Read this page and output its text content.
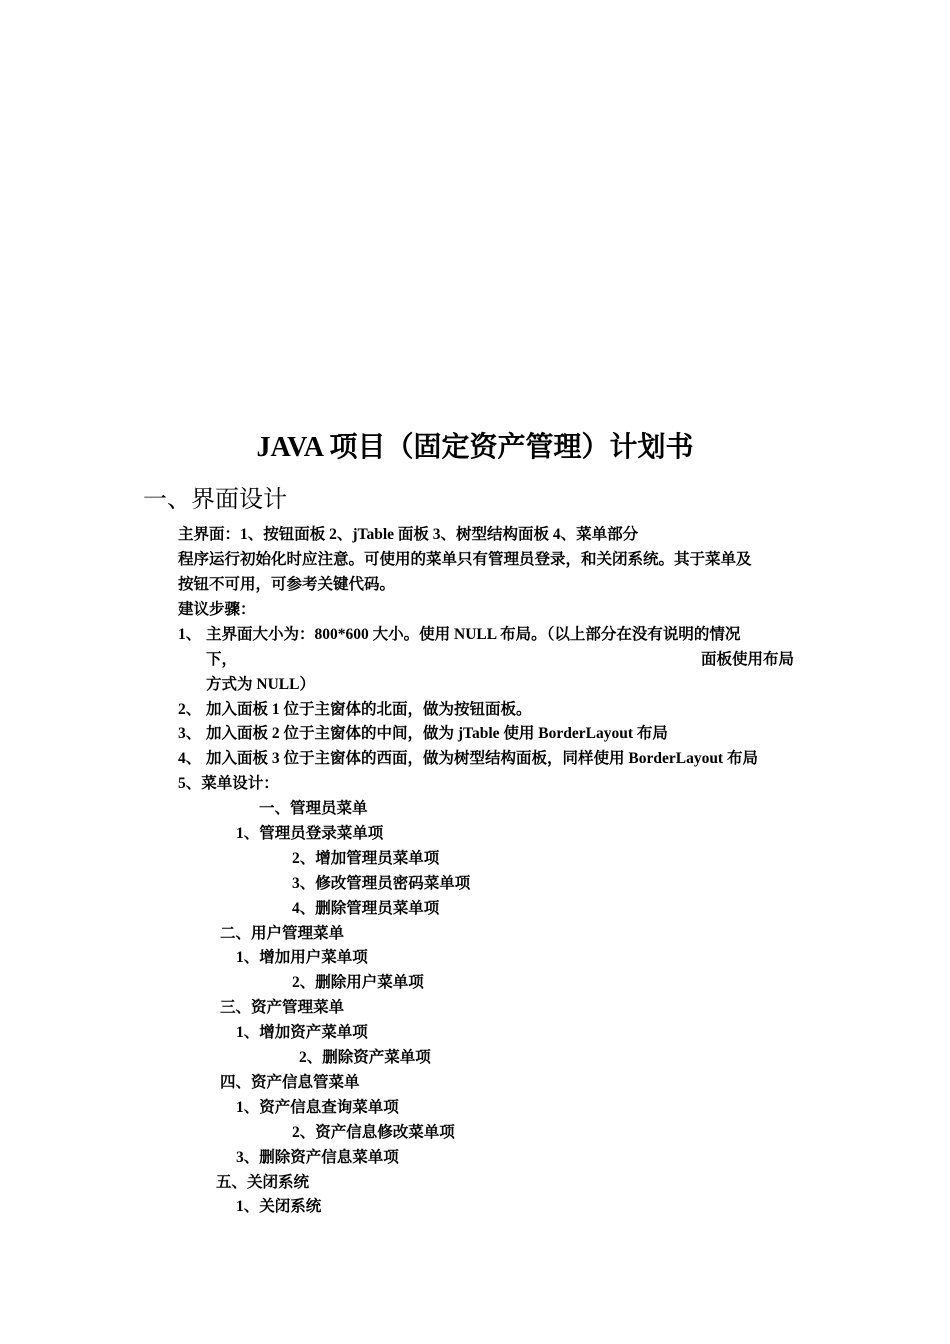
JAVA 项目（固定资产管理）计划书
一、界面设计
主界面：1、按钮面板 2、jTable 面板 3、树型结构面板 4、菜单部分
程序运行初始化时应注意。可使用的菜单只有管理员登录，和关闭系统。其于菜单及
按钮不可用，可参考关键代码。
建议步骤：
1、 主界面大小为：800*600 大小。使用 NULL 布局。（以上部分在没有说明的情况
下，	面板使用布局
方式为 NULL）
2、 加入面板 1 位于主窗体的北面，做为按钮面板。
3、 加入面板 2 位于主窗体的中间，做为 jTable 使用 BorderLayout 布局
4、 加入面板 3 位于主窗体的西面，做为树型结构面板，同样使用 BorderLayout 布局
5、菜单设计：
一、管理员菜单
1、管理员登录菜单项
2、增加管理员菜单项
3、修改管理员密码菜单项
4、删除管理员菜单项
二、用户管理菜单
1、增加用户菜单项
2、删除用户菜单项
三、资产管理菜单
1、增加资产菜单项
2、删除资产菜单项
四、资产信息管菜单
1、资产信息查询菜单项
2、资产信息修改菜单项
3、删除资产信息菜单项
五、关闭系统
1、关闭系统
